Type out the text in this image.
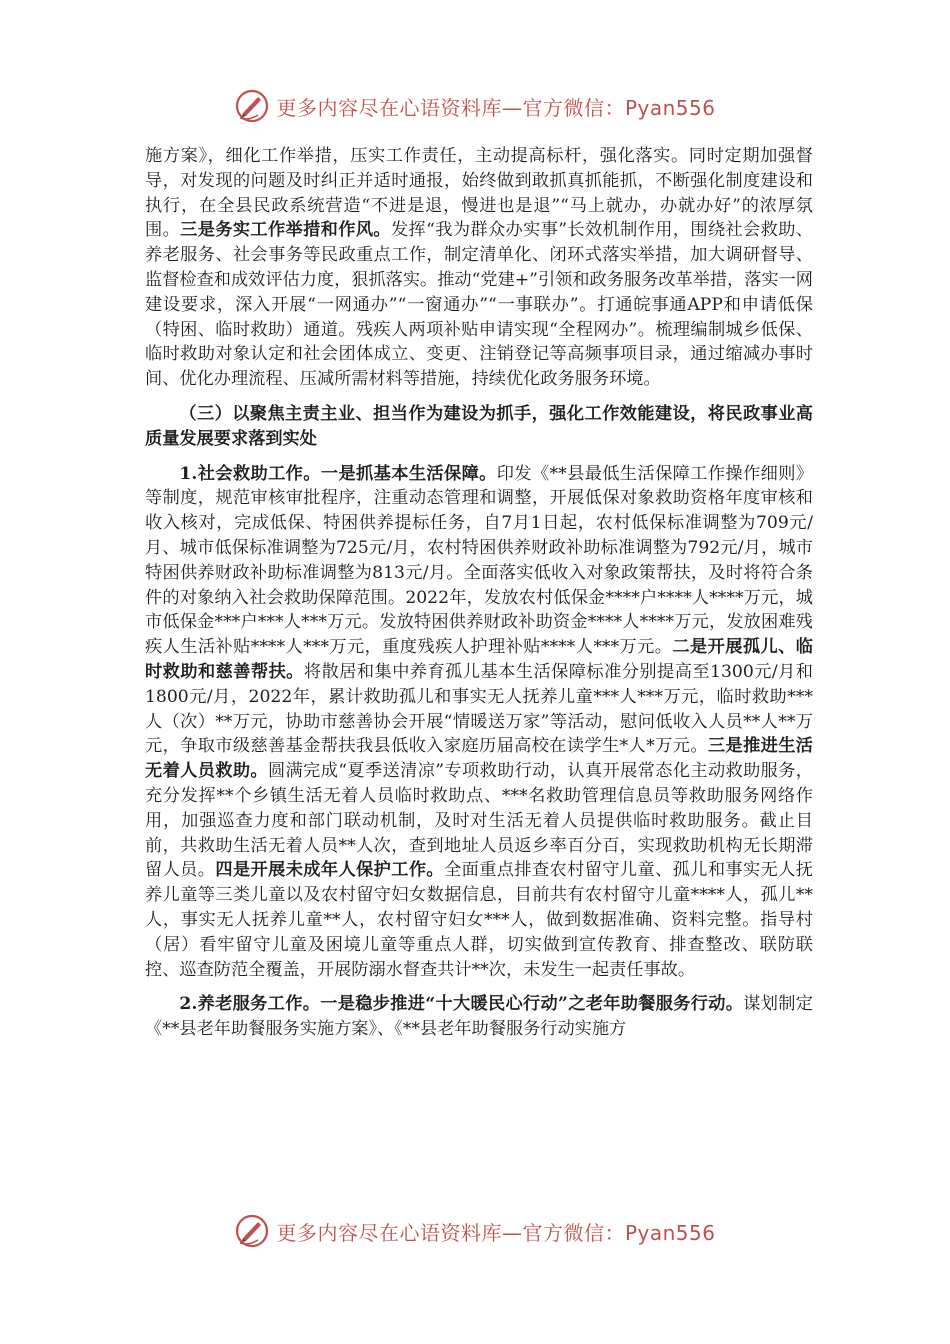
更多内容尽在心语资料库—官方微信：Pyan556

施方案》，细化工作举措，压实工作责任，主动提高标杆，强化落实。同时定期加强督导，对发现的问题及时纠正并适时通报，始终做到敢抓真抓能抓，不断强化制度建设和执行，在全县民政系统营造“不进是退，慢进也是退”“马上就办，办就办好”的浓厚氛围。三是务实工作举措和作风。发挥“我为群众办实事”长效机制作用，围绕社会救助、养老服务、社会事务等民政重点工作，制定清单化、闭环式落实举措，加大调研督导、监督检查和成效评估力度，狠抓落实。推动“党建+”引领和政务服务改革举措，落实一网建设要求，深入开展“一网通办”“一窗通办”“一事联办”。打通皖事通APP和申请低保（特困、临时救助）通道。残疾人两项补贴申请实现“全程网办”。梳理编制城乡低保、临时救助对象认定和社会团体成立、变更、注销登记等高频事项目录，通过缩减办事时间、优化办理流程、压减所需材料等措施，持续优化政务服务环境。

（三）以聚焦主责主业、担当作为建设为抓手，强化工作效能建设，将民政事业高质量发展要求落到实处

1.社会救助工作。一是抓基本生活保障。印发《**县最低生活保障工作操作细则》等制度，规范审核审批程序，注重动态管理和调整，开展低保对象救助资格年度审核和收入核对，完成低保、特困供养提标任务，自7月1日起，农村低保标准调整为709元/月、城市低保标准调整为725元/月，农村特困供养财政补助标准调整为792元/月，城市特困供养财政补助标准调整为813元/月。全面落实低收入对象政策帮扶，及时将符合条件的对象纳入社会救助保障范围。2022年，发放农村低保金****户****人****万元，城市低保金***户***人***万元。发放特困供养财政补助资金****人****万元，发放困难残疾人生活补贴****人***万元，重度残疾人护理补贴****人***万元。二是开展孤儿、临时救助和慈善帮扶。将散居和集中养育孤儿基本生活保障标准分别提高至1300元/月和1800元/月，2022年，累计救助孤儿和事实无人抚养儿童***人***万元，临时救助***人（次）**万元，协助市慈善协会开展“情暖送万家”等活动，慰问低收入人员**人**万元，争取市级慈善基金帮扶我县低收入家庭历届高校在读学生*人*万元。三是推进生活无着人员救助。圆满完成“夏季送清凉”专项救助行动，认真开展常态化主动救助服务，充分发挥**个乡镇生活无着人员临时救助点、***名救助管理信息员等救助服务网络作用，加强巡查力度和部门联动机制，及时对生活无着人员提供临时救助服务。截止目前，共救助生活无着人员**人次，查到地址人员返乡率百分百，实现救助机构无长期滞留人员。四是开展未成年人保护工作。全面重点排查农村留守儿童、孤儿和事实无人抚养儿童等三类儿童以及农村留守妇女数据信息，目前共有农村留守儿童****人，孤儿**人，事实无人抚养儿童**人，农村留守妇女***人，做到数据准确、资料完整。指导村（居）看牢留守儿童及困境儿童等重点人群，切实做到宣传教育、排查整改、联防联控、巡查防范全覆盖，开展防溺水督查共计**次，未发生一起责任事故。

2.养老服务工作。一是稳步推进“十大暖民心行动”之老年助餐服务行动。谋划制定《**县老年助餐服务实施方案》、《**县老年助餐服务行动实施方

更多内容尽在心语资料库—官方微信：Pyan556
